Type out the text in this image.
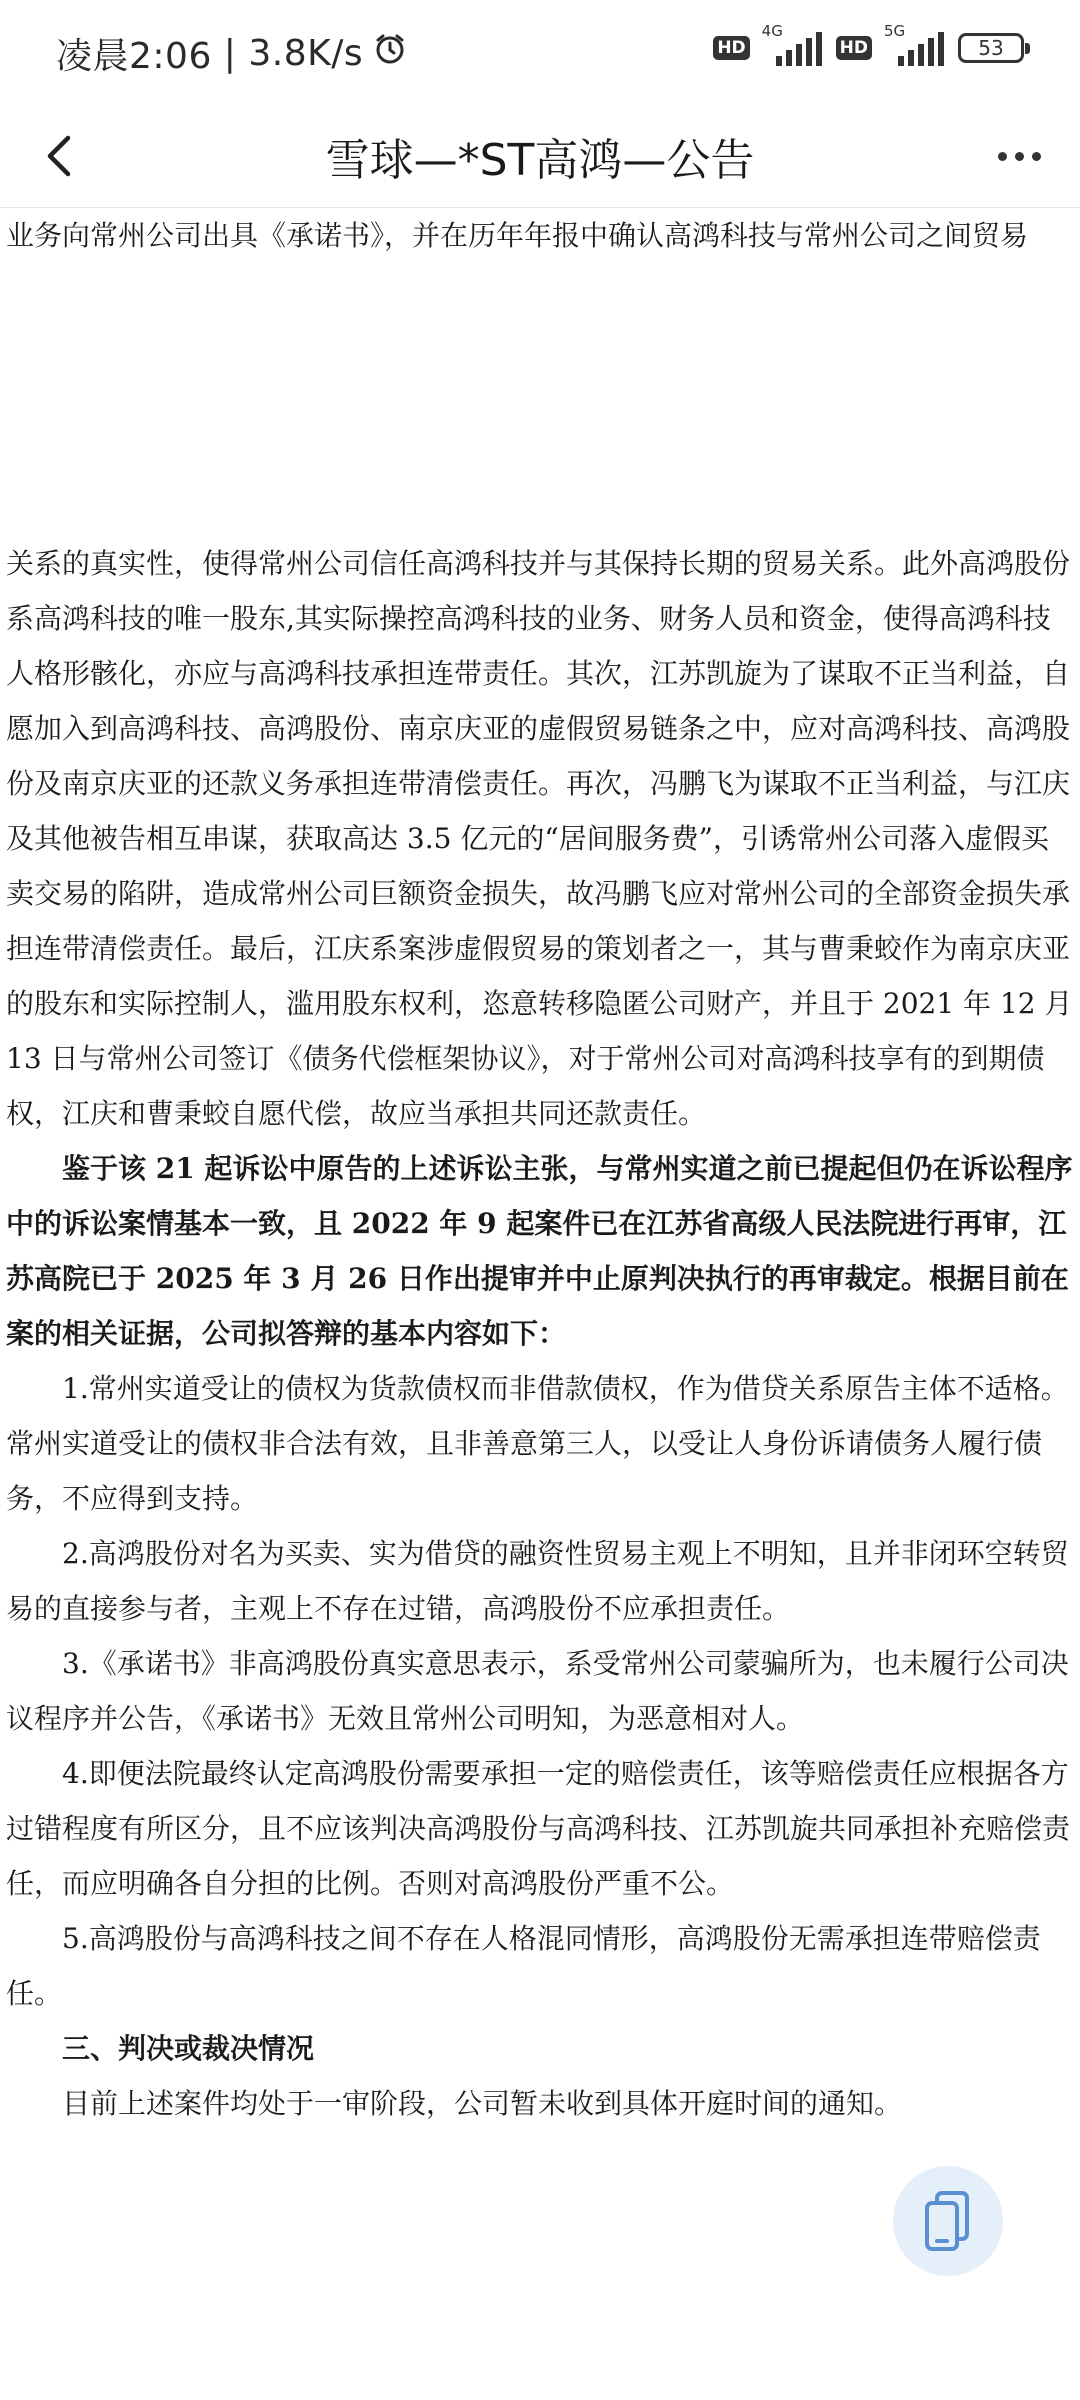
凌晨2:06 | 3.8K/s	HD
4G
HD
5G
53
雪球—*ST高鸿—公告

业务向常州公司出具《承诺书》，并在历年年报中确认高鸿科技与常州公司之间贸易

关系的真实性，使得常州公司信任高鸿科技并与其保持长期的贸易关系。此外高鸿股份系高鸿科技的唯一股东,其实际操控高鸿科技的业务、财务人员和资金，使得高鸿科技人格形骸化，亦应与高鸿科技承担连带责任。其次，江苏凯旋为了谋取不正当利益，自愿加入到高鸿科技、高鸿股份、南京庆亚的虚假贸易链条之中，应对高鸿科技、高鸿股份及南京庆亚的还款义务承担连带清偿责任。再次，冯鹏飞为谋取不正当利益，与江庆及其他被告相互串谋，获取高达 3.5 亿元的“居间服务费”，引诱常州公司落入虚假买卖交易的陷阱，造成常州公司巨额资金损失，故冯鹏飞应对常州公司的全部资金损失承担连带清偿责任。最后，江庆系案涉虚假贸易的策划者之一，其与曹秉蛟作为南京庆亚的股东和实际控制人，滥用股东权利，恣意转移隐匿公司财产，并且于 2021 年 12 月 13 日与常州公司签订《债务代偿框架协议》，对于常州公司对高鸿科技享有的到期债权，江庆和曹秉蛟自愿代偿，故应当承担共同还款责任。

鉴于该 21 起诉讼中原告的上述诉讼主张，与常州实道之前已提起但仍在诉讼程序中的诉讼案情基本一致，且 2022 年 9 起案件已在江苏省高级人民法院进行再审，江苏高院已于 2025 年 3 月 26 日作出提审并中止原判决执行的再审裁定。根据目前在案的相关证据，公司拟答辩的基本内容如下：

1.常州实道受让的债权为货款债权而非借款债权，作为借贷关系原告主体不适格。常州实道受让的债权非合法有效，且非善意第三人，以受让人身份诉请债务人履行债务，不应得到支持。

2.高鸿股份对名为买卖、实为借贷的融资性贸易主观上不明知，且并非闭环空转贸易的直接参与者，主观上不存在过错，高鸿股份不应承担责任。

3.《承诺书》非高鸿股份真实意思表示，系受常州公司蒙骗所为，也未履行公司决议程序并公告，《承诺书》无效且常州公司明知，为恶意相对人。

4.即便法院最终认定高鸿股份需要承担一定的赔偿责任，该等赔偿责任应根据各方过错程度有所区分，且不应该判决高鸿股份与高鸿科技、江苏凯旋共同承担补充赔偿责任，而应明确各自分担的比例。否则对高鸿股份严重不公。

5.高鸿股份与高鸿科技之间不存在人格混同情形，高鸿股份无需承担连带赔偿责任。

三、判决或裁决情况

目前上述案件均处于一审阶段，公司暂未收到具体开庭时间的通知。
